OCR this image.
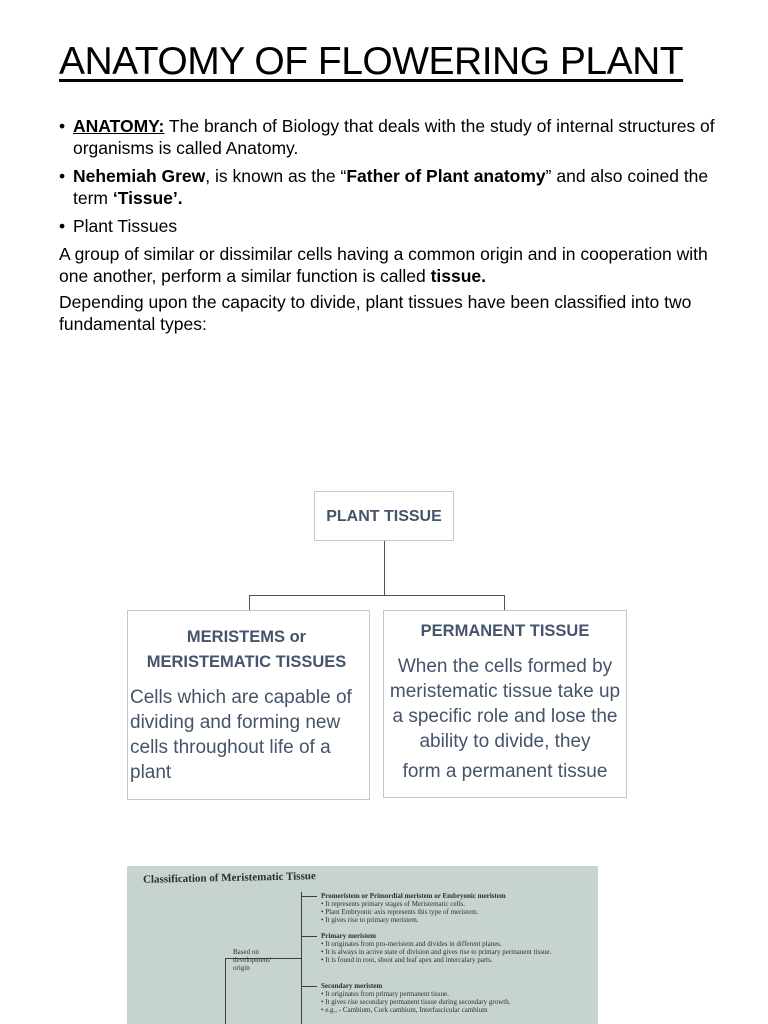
ANATOMY OF FLOWERING PLANT
• ANATOMY: The branch of Biology that deals with the study of internal structures of organisms is called Anatomy.
• Nehemiah Grew, is known as the “Father of Plant anatomy” and also coined the term ‘Tissue’.
• Plant Tissues

A group of similar or dissimilar cells having a common origin and in cooperation with one another, perform a similar function is called tissue.

Depending upon the capacity to divide, plant tissues have been classified into two fundamental types:

PLANT TISSUE
MERISTEMS or
MERISTEMATIC TISSUES
Cells which are capable of dividing and forming new cells throughout life of a plant
PERMANENT TISSUE
When the cells formed by meristematic tissue take up a specific role and lose the ability to divide, they
form a permanent tissue
Classification of Meristematic Tissue
Based on development/ origin
Promeristem or Primordial meristem or Embryonic meristem
• It represents primary stages of Meristematic cells.
• Plant Embryonic axis represents this type of meristem.
• It gives rise to primary meristem.
Primary meristem
• It originates from pro-meristem and divides in different planes.
• It is always in active state of division and gives rise to primary permanent tissue.
• It is found in root, shoot and leaf apex and intercalary parts.
Secondary meristem
• It originates from primary permanent tissue.
• It gives rise secondary permanent tissue during secondary growth.
• e.g., - Cambium, Cork cambium, Interfascicular cambium
